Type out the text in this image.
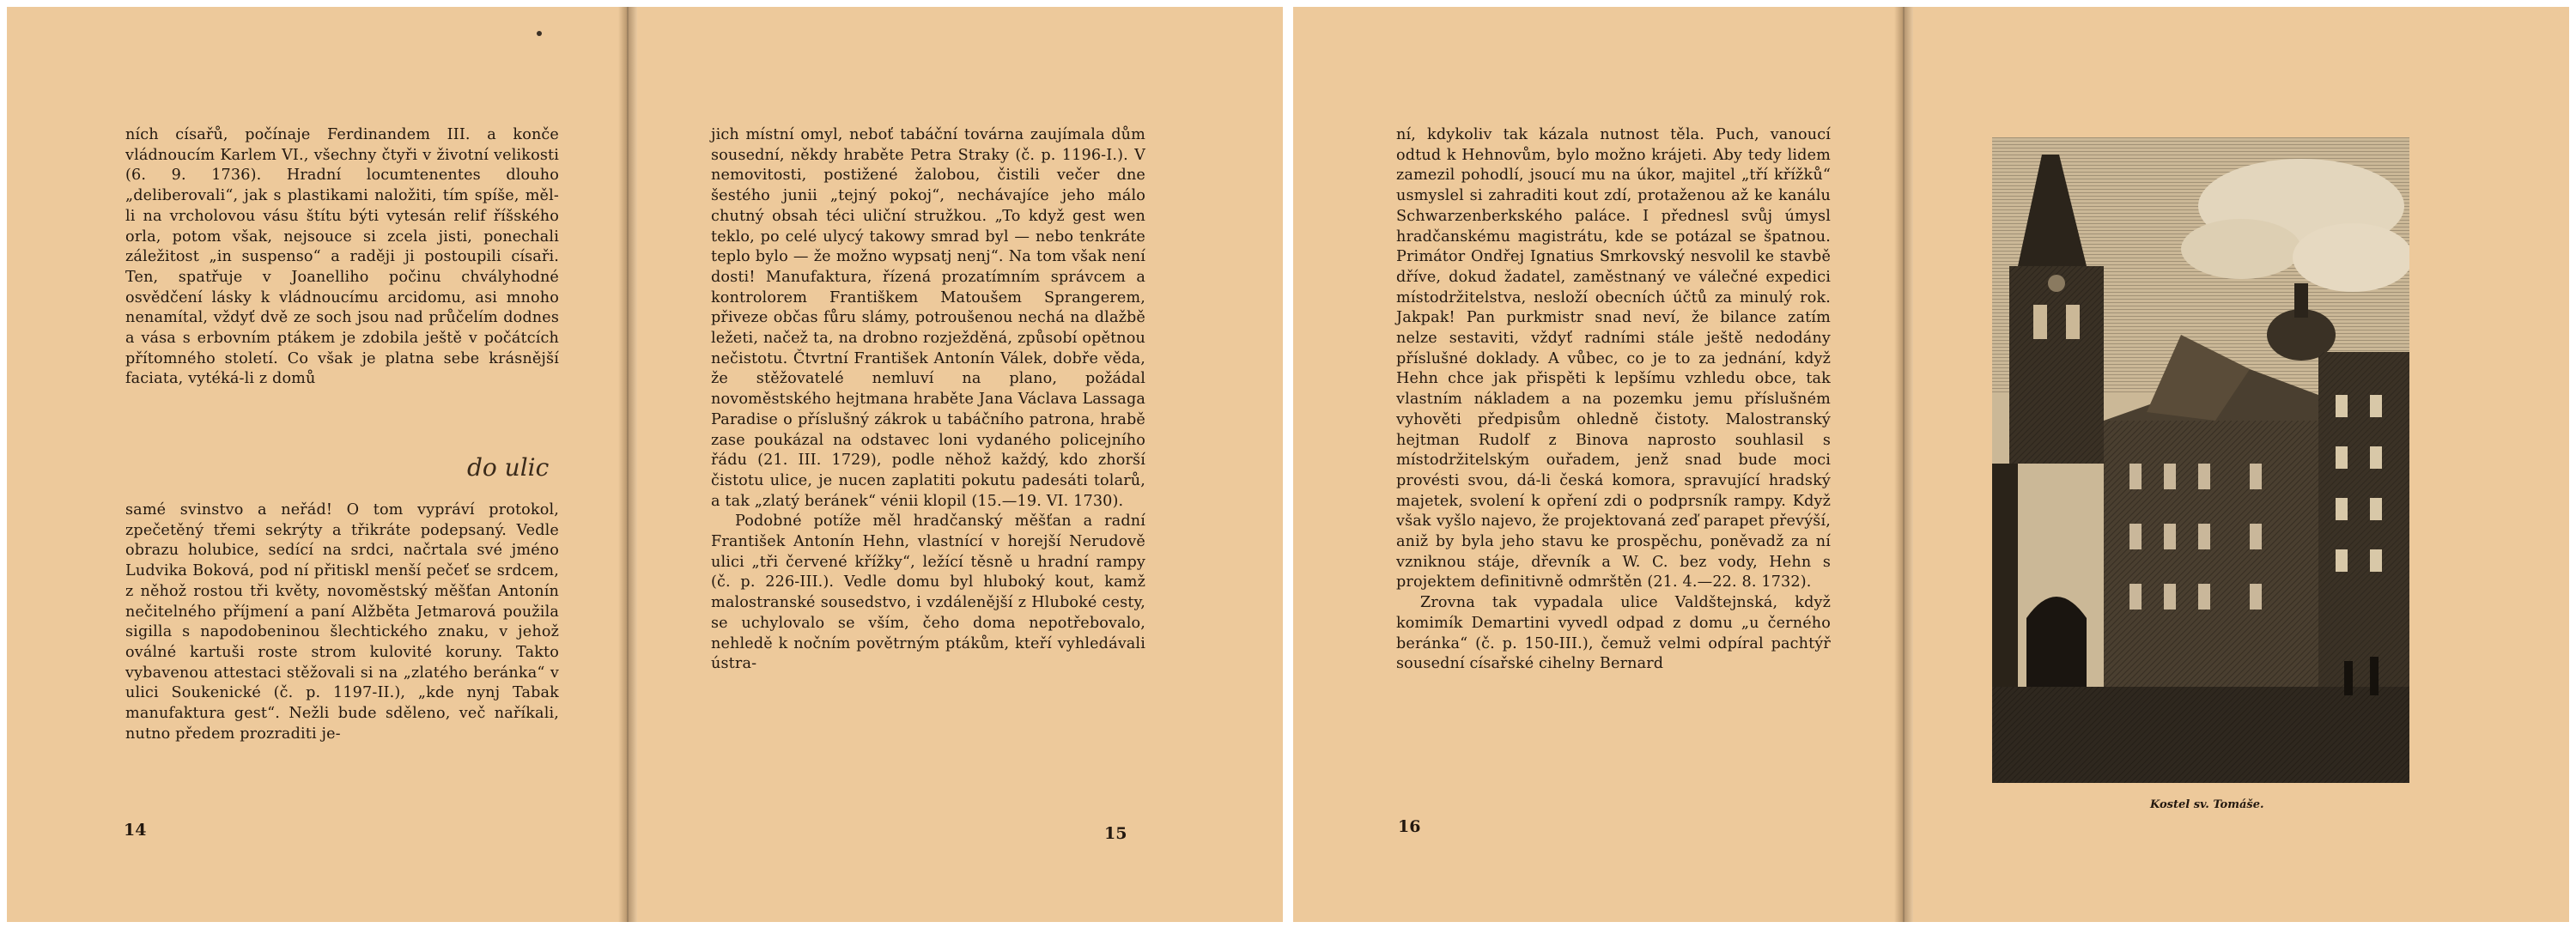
ních císařů, počínaje Ferdinandem III. a konče vládnoucím Karlem VI., všechny čtyři v životní velikosti (6. 9. 1736). Hradní locumtenentes dlouho „deliberovali“, jak s plastikami naložiti, tím spíše, měl-li na vrcholovou vásu štítu býti vytesán relif říšského orla, potom však, nejsouce si zcela jisti, ponechali záležitost „in suspenso“ a raději ji postoupili císaři. Ten, spatřuje v Joanelliho počinu chvályhodné osvědčení lásky k vládnoucímu arcidomu, asi mnoho nenamítal, vždyť dvě ze soch jsou nad průčelím dodnes a vása s erbovním ptákem je zdobila ještě v počátcích přítomného století. Co však je platna sebe krásnější faciata, vytéká-li z domů

do ulic

samé svinstvo a neřád! O tom vypráví protokol, zpečetěný třemi sekrýty a třikráte podepsaný. Vedle obrazu holubice, sedící na srdci, načrtala své jméno Ludvika Boková, pod ní přitiskl menší pečeť se srdcem, z něhož rostou tři květy, novoměstský měšťan Antonín nečitelného příjmení a paní Alžběta Jetmarová použila sigilla s napodobeninou šlechtického znaku, v jehož oválné kartuši roste strom kulovité koruny. Takto vybavenou attestaci stěžovali si na „zlatého beránka“ v ulici Soukenické (č. p. 1197-II.), „kde nynj Tabak manufaktura gest“. Nežli bude sděleno, več naříkali, nutno předem prozraditi je-

14

jich místní omyl, neboť tabáční továrna zaujímala dům sousední, někdy hraběte Petra Straky (č. p. 1196-I.). V nemovitosti, postižené žalobou, čistili večer dne šestého junii „tejný pokoj“, nechávajíce jeho málo chutný obsah téci uliční stružkou. „To když gest wen teklo, po celé ulycý takowy smrad byl — nebo tenkráte teplo bylo — že možno wypsatj nenj“. Na tom však není dosti! Manufaktura, řízená prozatímním správcem a kontrolorem Františkem Matoušem Sprangerem, přiveze občas fůru slámy, potroušenou nechá na dlažbě ležeti, načež ta, na drobno rozježděná, způsobí opětnou nečistotu. Čtvrtní František Antonín Válek, dobře věda, že stěžovatelé nemluví na plano, požádal novoměstského hejtmana hraběte Jana Václava Lassaga Paradise o příslušný zákrok u tabáčního patrona, hrabě zase poukázal na odstavec loni vydaného policejního řádu (21. III. 1729), podle něhož každý, kdo zhorší čistotu ulice, je nucen zaplatiti pokutu padesáti tolarů, a tak „zlatý beránek“ vénii klopil (15.—19. VI. 1730).

Podobné potíže měl hradčanský měšťan a radní František Antonín Hehn, vlastnící v horejší Nerudově ulici „tři červené křížky“, ležící těsně u hradní rampy (č. p. 226-III.). Vedle domu byl hluboký kout, kamž malostranské sousedstvo, i vzdálenější z Hluboké cesty, se uchylovalo se vším, čeho doma nepotřebovalo, nehledě k nočním povětrným ptákům, kteří vyhledávali ústra-

15

ní, kdykoliv tak kázala nutnost těla. Puch, vanoucí odtud k Hehnovům, bylo možno krájeti. Aby tedy lidem zamezil pohodlí, jsoucí mu na úkor, majitel „tří křížků“ usmyslel si zahraditi kout zdí, protaženou až ke kanálu Schwarzenberkského paláce. I přednesl svůj úmysl hradčanskému magistrátu, kde se potázal se špatnou. Primátor Ondřej Ignatius Smrkovský nesvolil ke stavbě dříve, dokud žadatel, zaměstnaný ve válečné expedici místodržitelstva, nesloží obecních účtů za minulý rok. Jakpak! Pan purkmistr snad neví, že bilance zatím nelze sestaviti, vždyť radními stále ještě nedodány příslušné doklady. A vůbec, co je to za jednání, když Hehn chce jak přispěti k lepšímu vzhledu obce, tak vlastním nákladem a na pozemku jemu příslušném vyhověti předpisům ohledně čistoty. Malostranský hejtman Rudolf z Binova naprosto souhlasil s místodržitelským ouřadem, jenž snad bude moci provésti svou, dá-li česká komora, spravující hradský majetek, svolení k opření zdi o podprsník rampy. Když však vyšlo najevo, že projektovaná zeď parapet převýší, aniž by byla jeho stavu ke prospěchu, poněvadž za ní vzniknou stáje, dřevník a W. C. bez vody, Hehn s projektem definitivně odmrštěn (21. 4.—22. 8. 1732).

Zrovna tak vypadala ulice Valdštejnská, když komimík Demartini vyvedl odpad z domu „u černého beránka“ (č. p. 150-III.), čemuž velmi odpíral pachtýř sousední císařské cihelny Bernard

16
Kostel sv. Tomáše.
